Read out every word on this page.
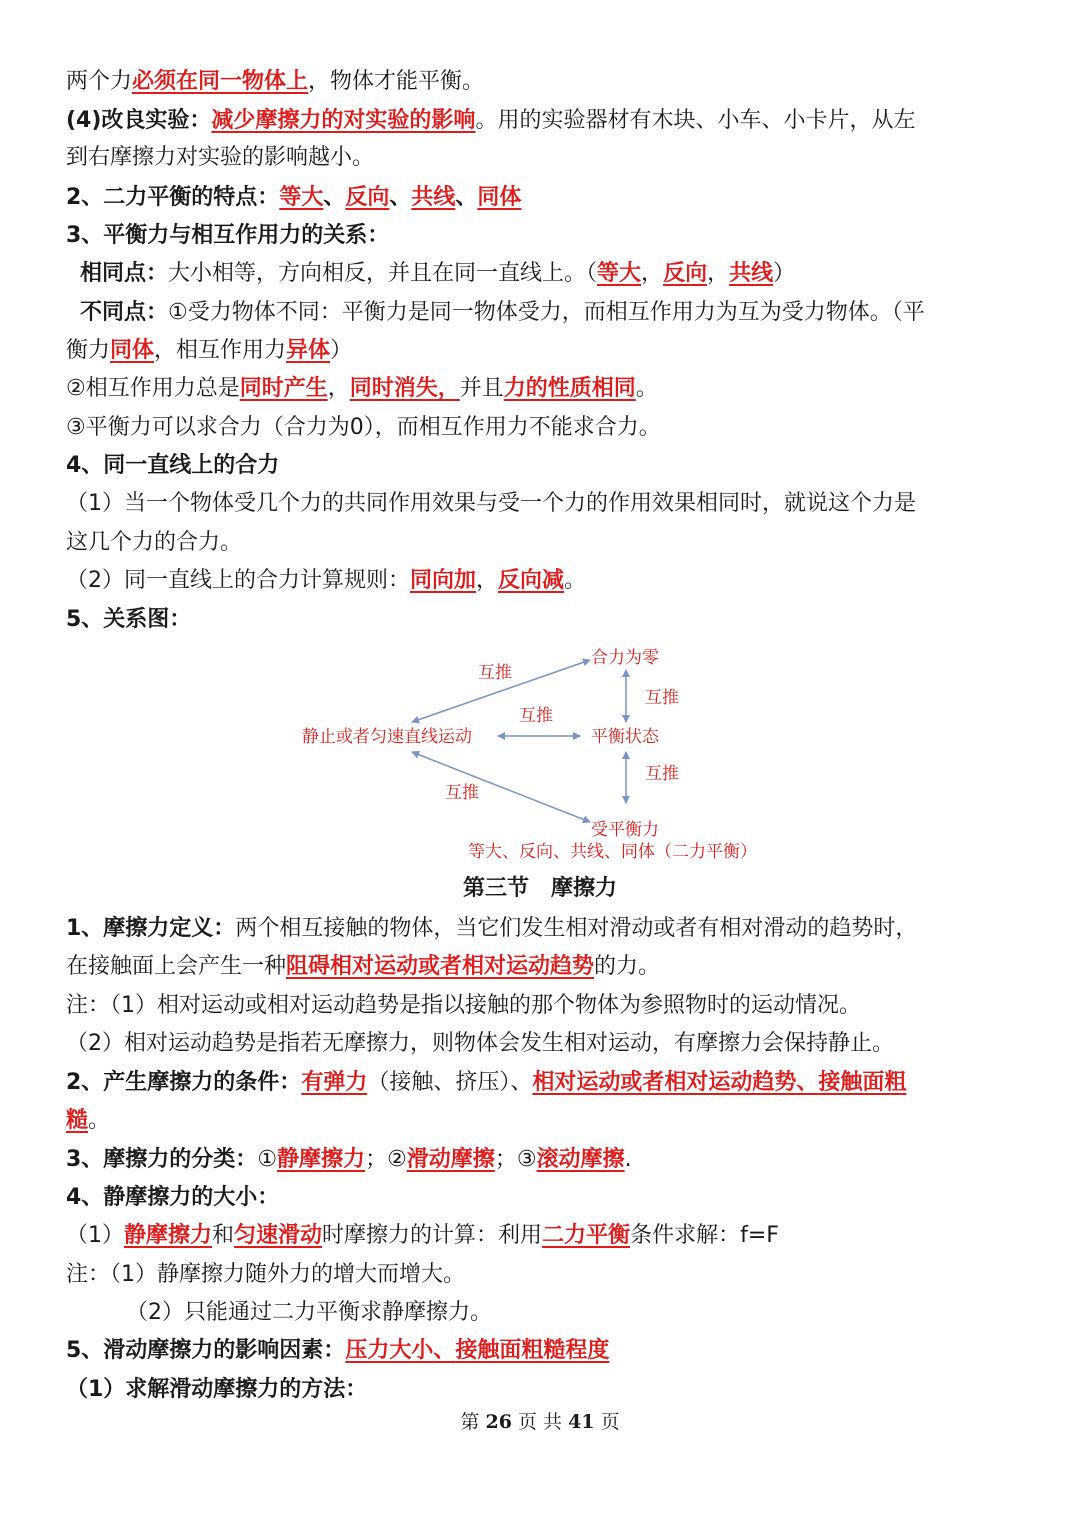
两个力必须在同一物体上，物体才能平衡。
(4)改良实验：减少摩擦力的对实验的影响。用的实验器材有木块、小车、小卡片，从左
到右摩擦力对实验的影响越小。
2、二力平衡的特点：等大、反向、共线、同体
3、平衡力与相互作用力的关系：
相同点：大小相等，方向相反，并且在同一直线上。（等大，反向，共线）
不同点：①受力物体不同：平衡力是同一物体受力，而相互作用力为互为受力物体。（平
衡力同体，相互作用力异体）
②相互作用力总是同时产生，同时消失，并且力的性质相同。
③平衡力可以求合力（合力为0），而相互作用力不能求合力。
4、同一直线上的合力
（1）当一个物体受几个力的共同作用效果与受一个力的作用效果相同时，就说这个力是
这几个力的合力。
（2）同一直线上的合力计算规则：同向加，反向减。
5、关系图：
静止或者匀速直线运动	平衡状态
合力为零
受平衡力
互推
互推
互推
互推
互推
等大、反向、共线、同体（二力平衡）
第三节　摩擦力
1、摩擦力定义：两个相互接触的物体，当它们发生相对滑动或者有相对滑动的趋势时，
在接触面上会产生一种阻碍相对运动或者相对运动趋势的力。
注：（1）相对运动或相对运动趋势是指以接触的那个物体为参照物时的运动情况。
（2）相对运动趋势是指若无摩擦力，则物体会发生相对运动，有摩擦力会保持静止。
2、产生摩擦力的条件：有弹力（接触、挤压）、相对运动或者相对运动趋势、接触面粗
糙。
3、摩擦力的分类：①静摩擦力；②滑动摩擦；③滚动摩擦.
4、静摩擦力的大小：
（1）静摩擦力和匀速滑动时摩擦力的计算：利用二力平衡条件求解：f=F
注：（1）静摩擦力随外力的增大而增大。
（2）只能通过二力平衡求静摩擦力。
5、滑动摩擦力的影响因素：压力大小、接触面粗糙程度
（1）求解滑动摩擦力的方法：
第 26 页 共 41 页
